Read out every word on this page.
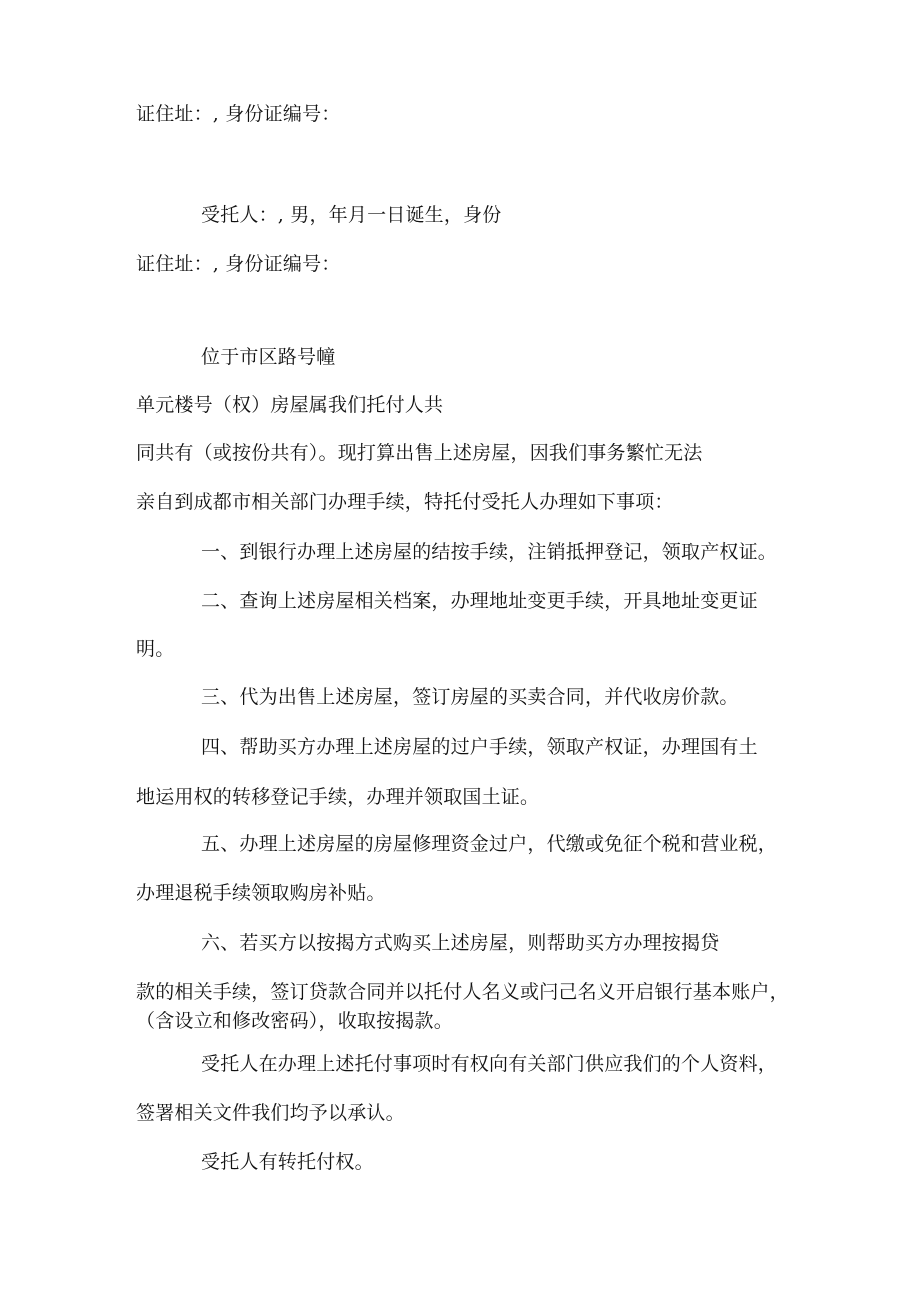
证住址：, 身份证编号：
受托人：, 男，年月一日诞生，身份
证住址：, 身份证编号：
位于市区路号幢
单元楼号（权）房屋属我们托付人共
同共有（或按份共有）。现打算出售上述房屋，因我们事务繁忙无法
亲自到成都市相关部门办理手续，特托付受托人办理如下事项：
一、到银行办理上述房屋的结按手续，注销抵押登记，领取产权证。
二、查询上述房屋相关档案，办理地址变更手续，开具地址变更证
明。
三、代为出售上述房屋，签订房屋的买卖合同，并代收房价款。
四、帮助买方办理上述房屋的过户手续，领取产权证，办理国有土
地运用权的转移登记手续，办理并领取国土证。
五、办理上述房屋的房屋修理资金过户，代缴或免征个税和营业税，
办理退税手续领取购房补贴。
六、若买方以按揭方式购买上述房屋，则帮助买方办理按揭贷
款的相关手续，签订贷款合同并以托付人名义或闩己名义开启银行基本账户，
（含设立和修改密码），收取按揭款。
受托人在办理上述托付事项时有权向有关部门供应我们的个人资料，
签署相关文件我们均予以承认。
受托人有转托付权。
